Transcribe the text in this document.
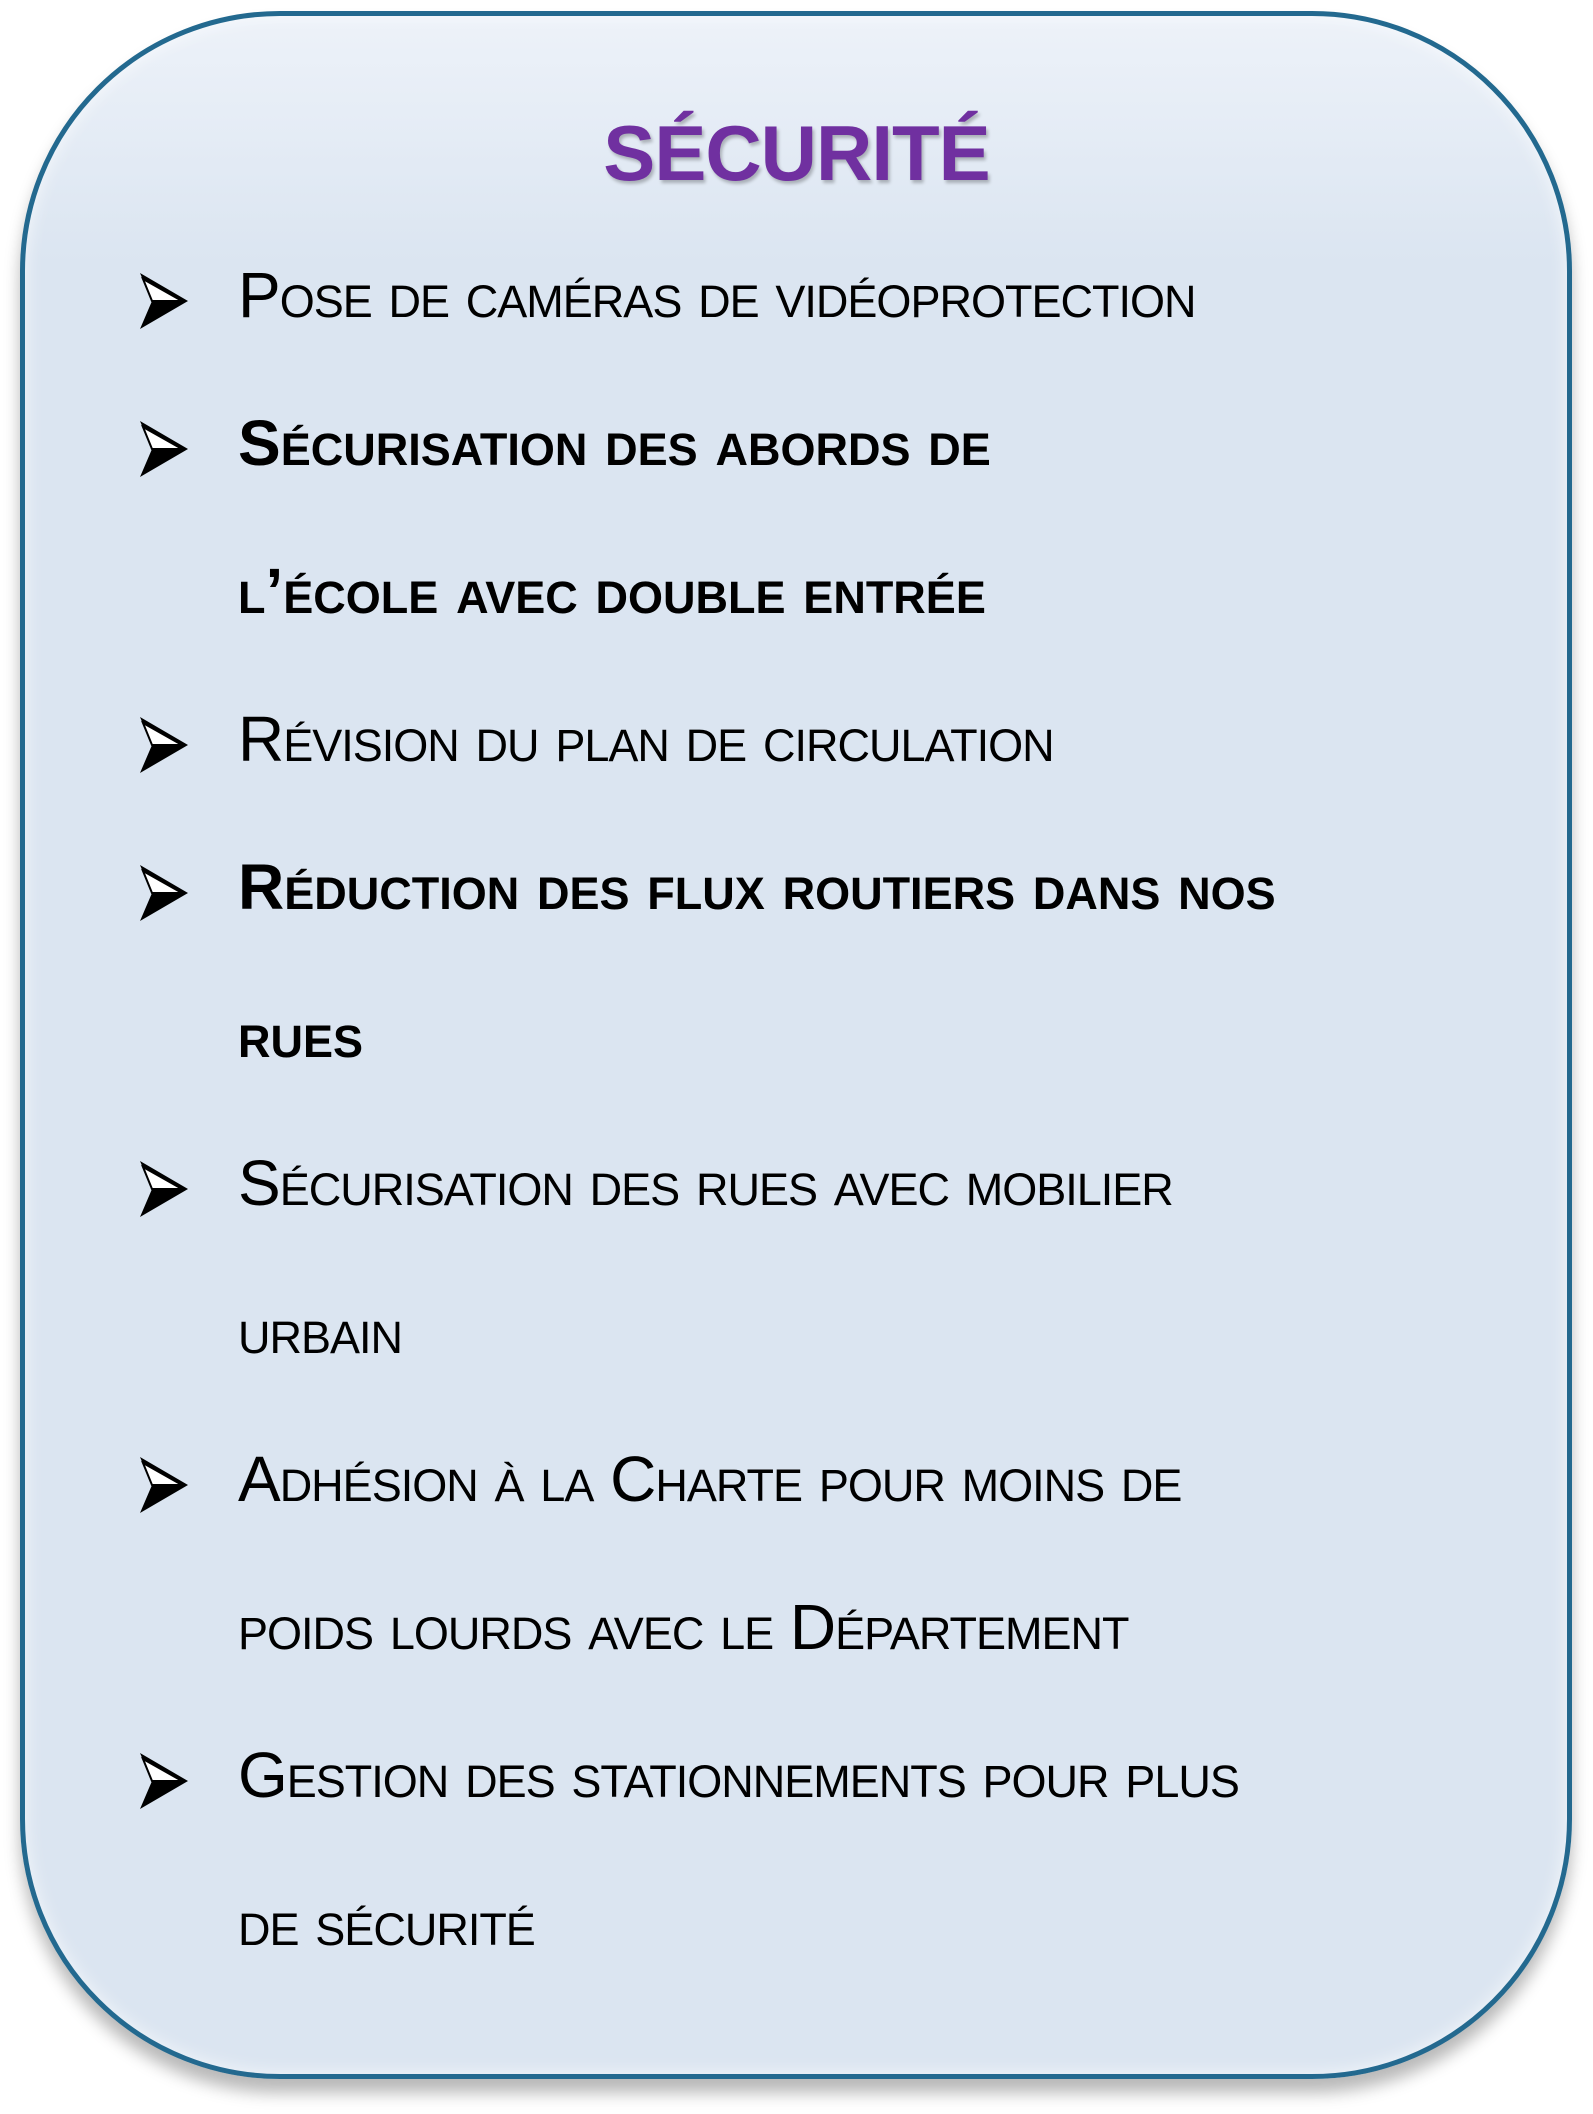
SÉCURITÉ
Pose de caméras de vidéoprotection
Sécurisation des abords de
l’école avec double entrée
Révision du plan de circulation
Réduction des flux routiers dans nos
rues
Sécurisation des rues avec mobilier
urbain
Adhésion à la Charte pour moins de
poids lourds avec le Département
Gestion des stationnements pour plus
de sécurité
